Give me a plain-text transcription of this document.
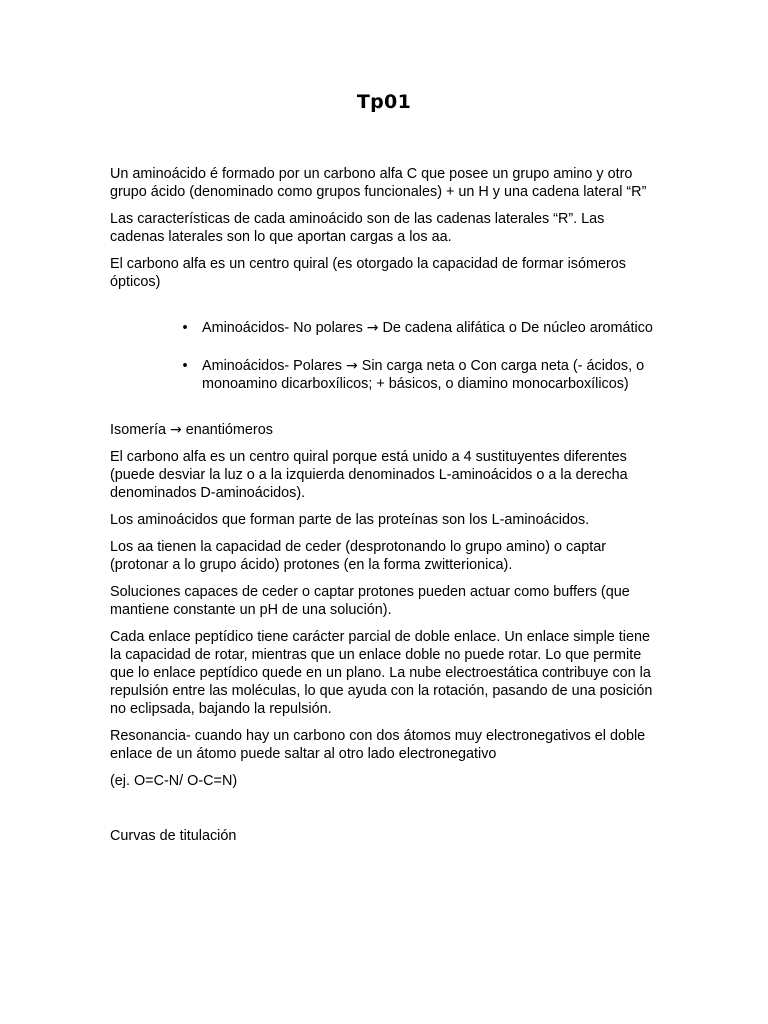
Tp01

Un aminoácido é formado por un carbono alfa C que posee un grupo amino y otro grupo ácido (denominado como grupos funcionales) + un H y una cadena lateral “R”

Las características de cada aminoácido son de las cadenas laterales “R”. Las cadenas laterales son lo que aportan cargas a los aa.

El carbono alfa es un centro quiral (es otorgado la capacidad de formar isómeros ópticos)

•	Aminoácidos- No polares → De cadena alifática o De núcleo aromático
•	Aminoácidos- Polares → Sin carga neta o Con carga neta (- ácidos, o monoamino dicarboxílicos; + básicos, o diamino monocarboxílicos)

Isomería → enantiómeros

El carbono alfa es un centro quiral porque está unido a 4 sustituyentes diferentes (puede desviar la luz o a la izquierda denominados L-aminoácidos o a la derecha denominados D-aminoácidos).

Los aminoácidos que forman parte de las proteínas son los L-aminoácidos.

Los aa tienen la capacidad de ceder (desprotonando lo grupo amino) o captar (protonar a lo grupo ácido) protones (en la forma zwitterionica).

Soluciones capaces de ceder o captar protones pueden actuar como buffers (que mantiene constante un pH de una solución).

Cada enlace peptídico tiene carácter parcial de doble enlace. Un enlace simple tiene la capacidad de rotar, mientras que un enlace doble no puede rotar. Lo que permite que lo enlace peptídico quede en un plano. La nube electroestática contribuye con la repulsión entre las moléculas, lo que ayuda con la rotación, pasando de una posición no eclipsada, bajando la repulsión.

Resonancia- cuando hay un carbono con dos átomos muy electronegativos el doble enlace de un átomo puede saltar al otro lado electronegativo

(ej. O=C-N/ O-C=N)

Curvas de titulación
